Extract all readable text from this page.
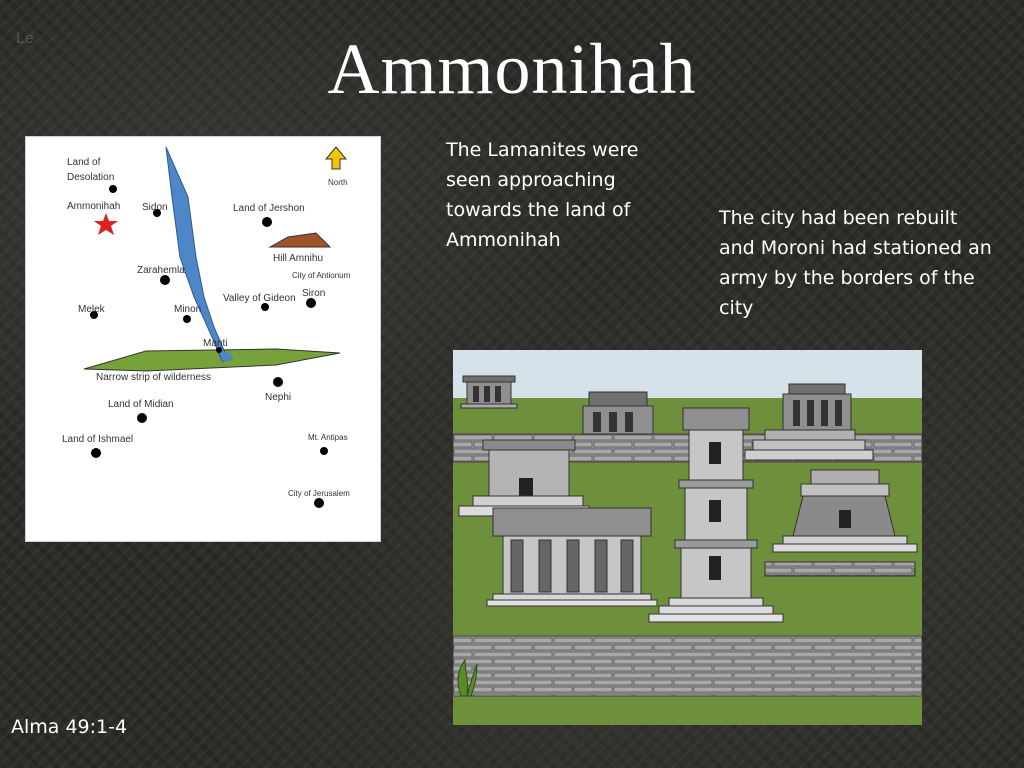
Le	Ammonihah
North
Land of
Desolation
Ammonihah Sidon	Land of Jershon
Hill Amnihu
City of Antionum
Zarahemla
Siron
Valley of Gideon
Melek	Minon
Manti
Narrow strip of wilderness
Nephi
Land of Midian
Land of Ishmael	Mt. Antipas
City of Jerusalem
The Lamanites were seen approaching towards the land of Ammonihah
The city had been rebuilt and Moroni had stationed an army by the borders of the city
Alma 49:1-4
